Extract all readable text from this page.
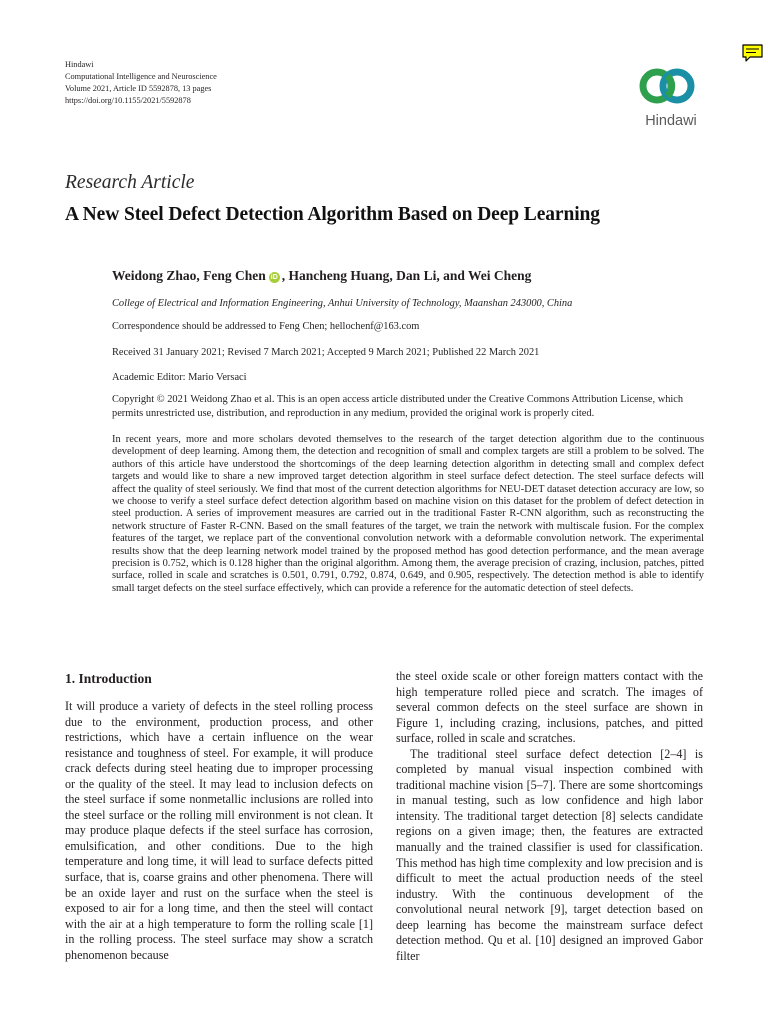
Hindawi
Computational Intelligence and Neuroscience
Volume 2021, Article ID 5592878, 13 pages
https://doi.org/10.1155/2021/5592878
Hindawi
Research Article
A New Steel Defect Detection Algorithm Based on Deep Learning
Weidong Zhao, Feng Chen iD , Hancheng Huang, Dan Li, and Wei Cheng
College of Electrical and Information Engineering, Anhui University of Technology, Maanshan 243000, China
Correspondence should be addressed to Feng Chen; hellochenf@163.com
Received 31 January 2021; Revised 7 March 2021; Accepted 9 March 2021; Published 22 March 2021
Academic Editor: Mario Versaci
Copyright © 2021 Weidong Zhao et al. This is an open access article distributed under the Creative Commons Attribution License, which permits unrestricted use, distribution, and reproduction in any medium, provided the original work is properly cited.
In recent years, more and more scholars devoted themselves to the research of the target detection algorithm due to the continuous development of deep learning. Among them, the detection and recognition of small and complex targets are still a problem to be solved. The authors of this article have understood the shortcomings of the deep learning detection algorithm in detecting small and complex defect targets and would like to share a new improved target detection algorithm in steel surface defect detection. The steel surface defects will affect the quality of steel seriously. We find that most of the current detection algorithms for NEU-DET dataset detection accuracy are low, so we choose to verify a steel surface defect detection algorithm based on machine vision on this dataset for the problem of defect detection in steel production. A series of improvement measures are carried out in the traditional Faster R-CNN algorithm, such as reconstructing the network structure of Faster R-CNN. Based on the small features of the target, we train the network with multiscale fusion. For the complex features of the target, we replace part of the conventional convolution network with a deformable convolution network. The experimental results show that the deep learning network model trained by the proposed method has good detection performance, and the mean average precision is 0.752, which is 0.128 higher than the original algorithm. Among them, the average precision of crazing, inclusion, patches, pitted surface, rolled in scale and scratches is 0.501, 0.791, 0.792, 0.874, 0.649, and 0.905, respectively. The detection method is able to identify small target defects on the steel surface effectively, which can provide a reference for the automatic detection of steel defects.
1. Introduction

It will produce a variety of defects in the steel rolling process due to the environment, production process, and other restrictions, which have a certain influence on the wear resistance and toughness of steel. For example, it will produce crack defects during steel heating due to improper processing or the quality of the steel. It may lead to inclusion defects on the steel surface if some nonmetallic inclusions are rolled into the steel surface or the rolling mill environment is not clean. It may produce plaque defects if the steel surface has corrosion, emulsification, and other conditions. Due to the high temperature and long time, it will lead to surface defects pitted surface, that is, coarse grains and other phenomena. There will be an oxide layer and rust on the surface when the steel is exposed to air for a long time, and then the steel will contact with the air at a high temperature to form the rolling scale [1] in the rolling process. The steel surface may show a scratch phenomenon because

the steel oxide scale or other foreign matters contact with the high temperature rolled piece and scratch. The images of several common defects on the steel surface are shown in Figure 1, including crazing, inclusions, patches, and pitted surface, rolled in scale and scratches.

The traditional steel surface defect detection [2–4] is completed by manual visual inspection combined with traditional machine vision [5–7]. There are some shortcomings in manual testing, such as low confidence and high labor intensity. The traditional target detection [8] selects candidate regions on a given image; then, the features are extracted manually and the trained classifier is used for classification. This method has high time complexity and low precision and is difficult to meet the actual production needs of the steel industry. With the continuous development of the convolutional neural network [9], target detection based on deep learning has become the mainstream surface defect detection method. Qu et al. [10] designed an improved Gabor filter
